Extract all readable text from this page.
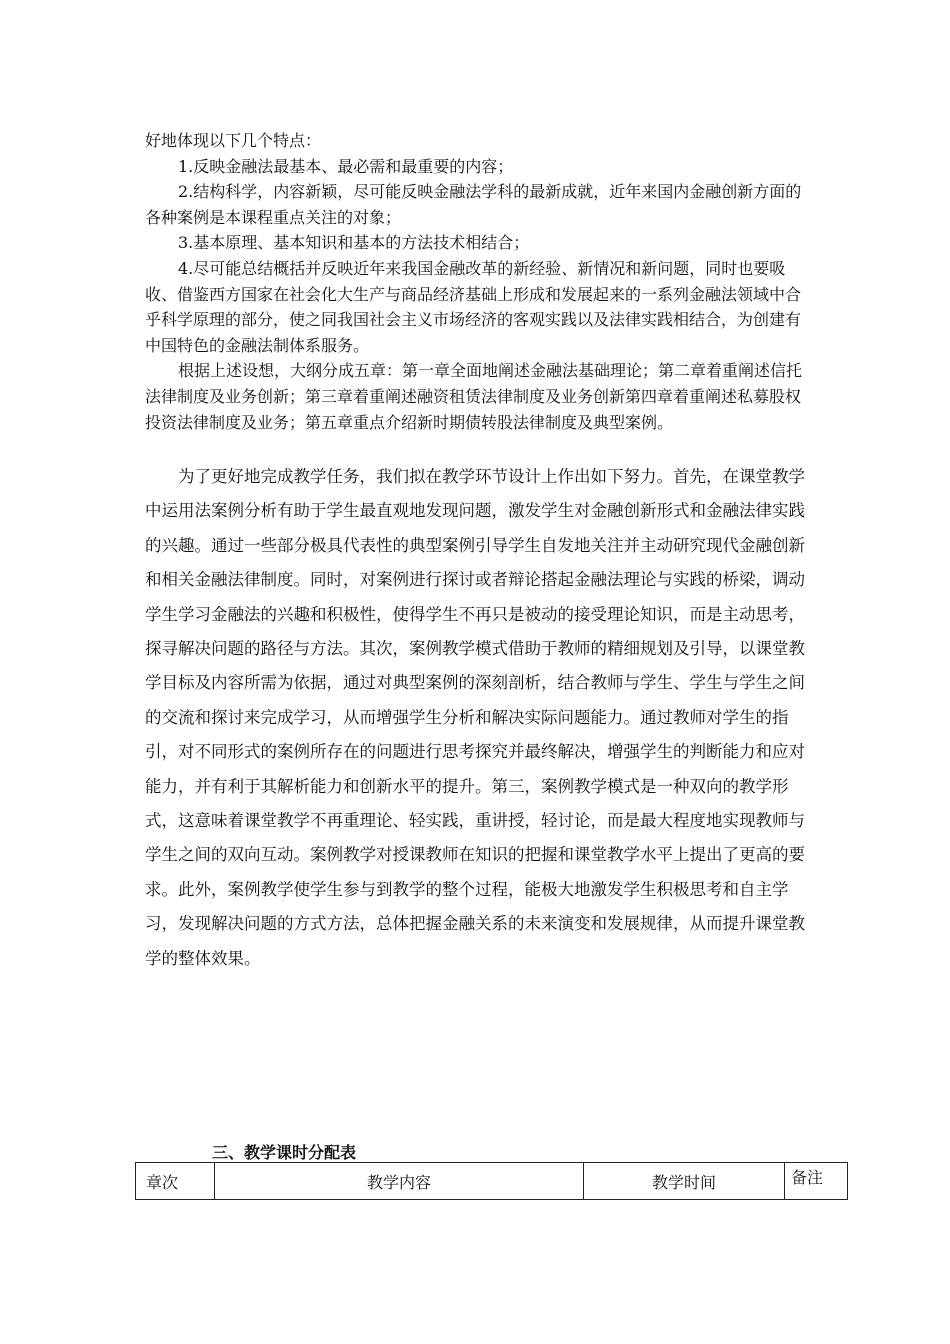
好地体现以下几个特点：

1.反映金融法最基本、最必需和最重要的内容；

2.结构科学，内容新颖，尽可能反映金融法学科的最新成就，近年来国内金融创新方面的各种案例是本课程重点关注的对象；

3.基本原理、基本知识和基本的方法技术相结合；

4.尽可能总结概括并反映近年来我国金融改革的新经验、新情况和新问题，同时也要吸收、借鉴西方国家在社会化大生产与商品经济基础上形成和发展起来的一系列金融法领域中合乎科学原理的部分，使之同我国社会主义市场经济的客观实践以及法律实践相结合，为创建有中国特色的金融法制体系服务。

根据上述设想，大纲分成五章：第一章全面地阐述金融法基础理论；第二章着重阐述信托法律制度及业务创新；第三章着重阐述融资租赁法律制度及业务创新第四章着重阐述私募股权投资法律制度及业务；第五章重点介绍新时期债转股法律制度及典型案例。

为了更好地完成教学任务，我们拟在教学环节设计上作出如下努力。首先，在课堂教学中运用法案例分析有助于学生最直观地发现问题，激发学生对金融创新形式和金融法律实践的兴趣。通过一些部分极具代表性的典型案例引导学生自发地关注并主动研究现代金融创新和相关金融法律制度。同时，对案例进行探讨或者辩论搭起金融法理论与实践的桥梁，调动学生学习金融法的兴趣和积极性，使得学生不再只是被动的接受理论知识，而是主动思考，探寻解决问题的路径与方法。其次，案例教学模式借助于教师的精细规划及引导，以课堂教学目标及内容所需为依据，通过对典型案例的深刻剖析，结合教师与学生、学生与学生之间的交流和探讨来完成学习，从而增强学生分析和解决实际问题能力。通过教师对学生的指引，对不同形式的案例所存在的问题进行思考探究并最终解决，增强学生的判断能力和应对能力，并有利于其解析能力和创新水平的提升。第三，案例教学模式是一种双向的教学形式，这意味着课堂教学不再重理论、轻实践，重讲授，轻讨论，而是最大程度地实现教师与学生之间的双向互动。案例教学对授课教师在知识的把握和课堂教学水平上提出了更高的要求。此外，案例教学使学生参与到教学的整个过程，能极大地激发学生积极思考和自主学习，发现解决问题的方式方法，总体把握金融关系的未来演变和发展规律，从而提升课堂教学的整体效果。

三、教学课时分配表
章次	教学内容	教学时间	备注
